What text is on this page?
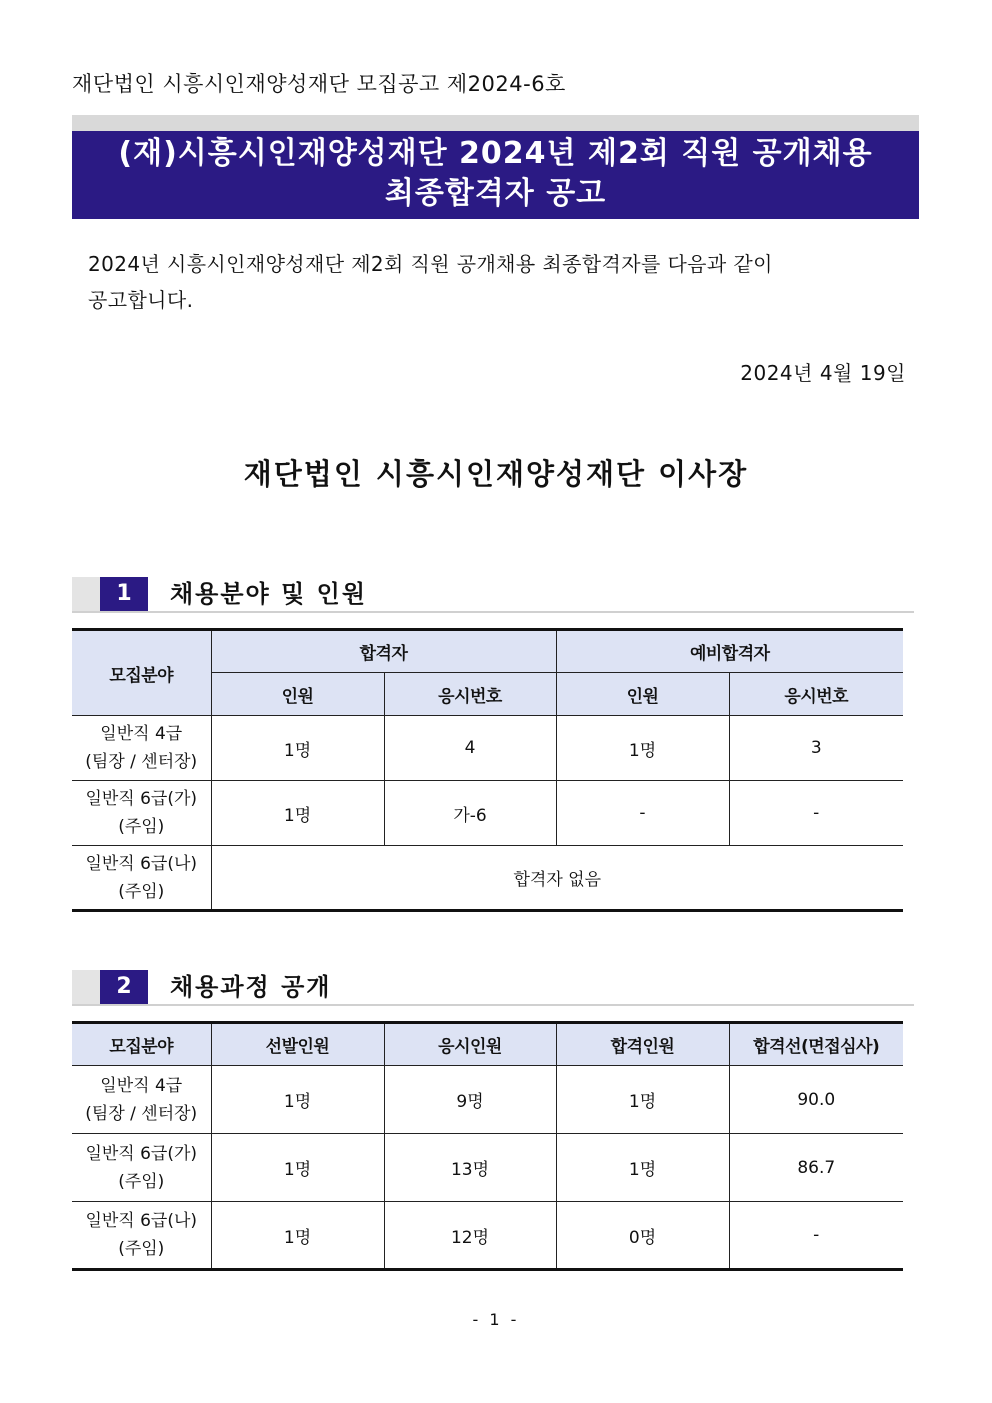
재단법인 시흥시인재양성재단 모집공고 제2024-6호
(재)시흥시인재양성재단 2024년 제2회 직원 공개채용
최종합격자 공고
2024년 시흥시인재양성재단 제2회 직원 공개채용 최종합격자를 다음과 같이
공고합니다.
2024년 4월 19일
재단법인 시흥시인재양성재단 이사장
1	채용분야 및 인원
모집분야	합격자		예비합격자	
	인원	응시번호	인원	응시번호

일반직 4급
(팀장 / 센터장)	1명	4	1명	3

일반직 6급(가)
(주임)	1명	가-6	-	-

일반직 6급(나)
(주임)	합격자 없음			
2	채용과정 공개
모집분야	선발인원	응시인원	합격인원	합격선(면접심사)

일반직 4급
(팀장 / 센터장)	1명	9명	1명	90.0

일반직 6급(가)
(주임)	1명	13명	1명	86.7

일반직 6급(나)
(주임)	1명	12명	0명	-
- 1 -
